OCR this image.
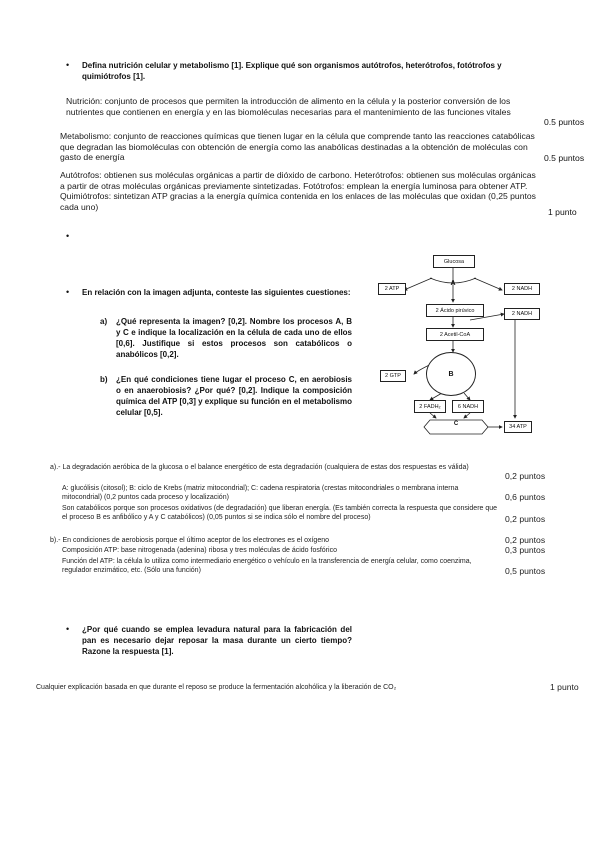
• Defina nutrición celular y metabolismo [1]. Explique qué son organismos autótrofos, heterótrofos, fotótrofos y quimiótrofos [1].
Nutrición: conjunto de procesos que permiten la introducción de alimento en la célula y la posterior conversión de los nutrientes que contienen en energía y en las biomoléculas necesarias para el mantenimiento de las funciones vitales
0.5 puntos
Metabolismo: conjunto de reacciones químicas que tienen lugar en la célula que comprende tanto las reacciones catabólicas que degradan las biomoléculas con obtención de energía como las anabólicas destinadas a la obtención de moléculas con gasto de energía	0.5 puntos
Autótrofos: obtienen sus moléculas orgánicas a partir de dióxido de carbono. Heterótrofos: obtienen sus moléculas orgánicas a partir de otras moléculas orgánicas previamente sintetizadas. Fotótrofos: emplean la energía luminosa para obtener ATP. Quimiótrofos: sintetizan ATP gracias a la energía química contenida en los enlaces de las moléculas que oxidan (0,25 puntos cada uno)
1 punto
•
• En relación con la imagen adjunta, conteste las siguientes cuestiones:
a) ¿Qué representa la imagen? [0,2]. Nombre los procesos A, B y C e indique la localización en la célula de cada uno de ellos [0,6]. Justifique si estos procesos son catabólicos o anabólicos [0,2].
b) ¿En qué condiciones tiene lugar el proceso C, en aerobiosis o en anaerobiosis? ¿Por qué? [0,2]. Indique la composición química del ATP [0,3] y explique su función en el metabolismo celular [0,5].
Glucosa
A
2 ATP	2 NADH
2 Ácido pirúvico
2 NADH
2 Acetil-CoA
B
2 GTP
2 FADH₂	6 NADH
C	34 ATP
a).- La degradación aeróbica de la glucosa o el balance energético de esta degradación (cualquiera de estas dos respuestas es válida)
0,2 puntos
A: glucólisis (citosol); B: ciclo de Krebs (matriz mitocondrial); C: cadena respiratoria (crestas mitocondriales o membrana interna mitocondrial) (0,2 puntos cada proceso y localización)	0,6 puntos
Son catabólicos porque son procesos oxidativos (de degradación) que liberan energía. (Es también correcta la respuesta que considere que el proceso B es anfibólico y A y C catabólicos) (0,05 puntos si se indica sólo el nombre del proceso)	0,2 puntos
b).- En condiciones de aerobiosis porque el último aceptor de los electrones es el oxígeno	0,2 puntos
Composición ATP: base nitrogenada (adenina) ribosa y tres moléculas de ácido fosfórico	0,3 puntos
Función del ATP: la célula lo utiliza como intermediario energético o vehículo en la transferencia de energía celular, como coenzima, regulador enzimático, etc. (Sólo una función)	0,5 puntos
• ¿Por qué cuando se emplea levadura natural para la fabricación del pan es necesario dejar reposar la masa durante un cierto tiempo? Razone la respuesta [1].
Cualquier explicación basada en que durante el reposo se produce la fermentación alcohólica y la liberación de CO₂	1 punto
